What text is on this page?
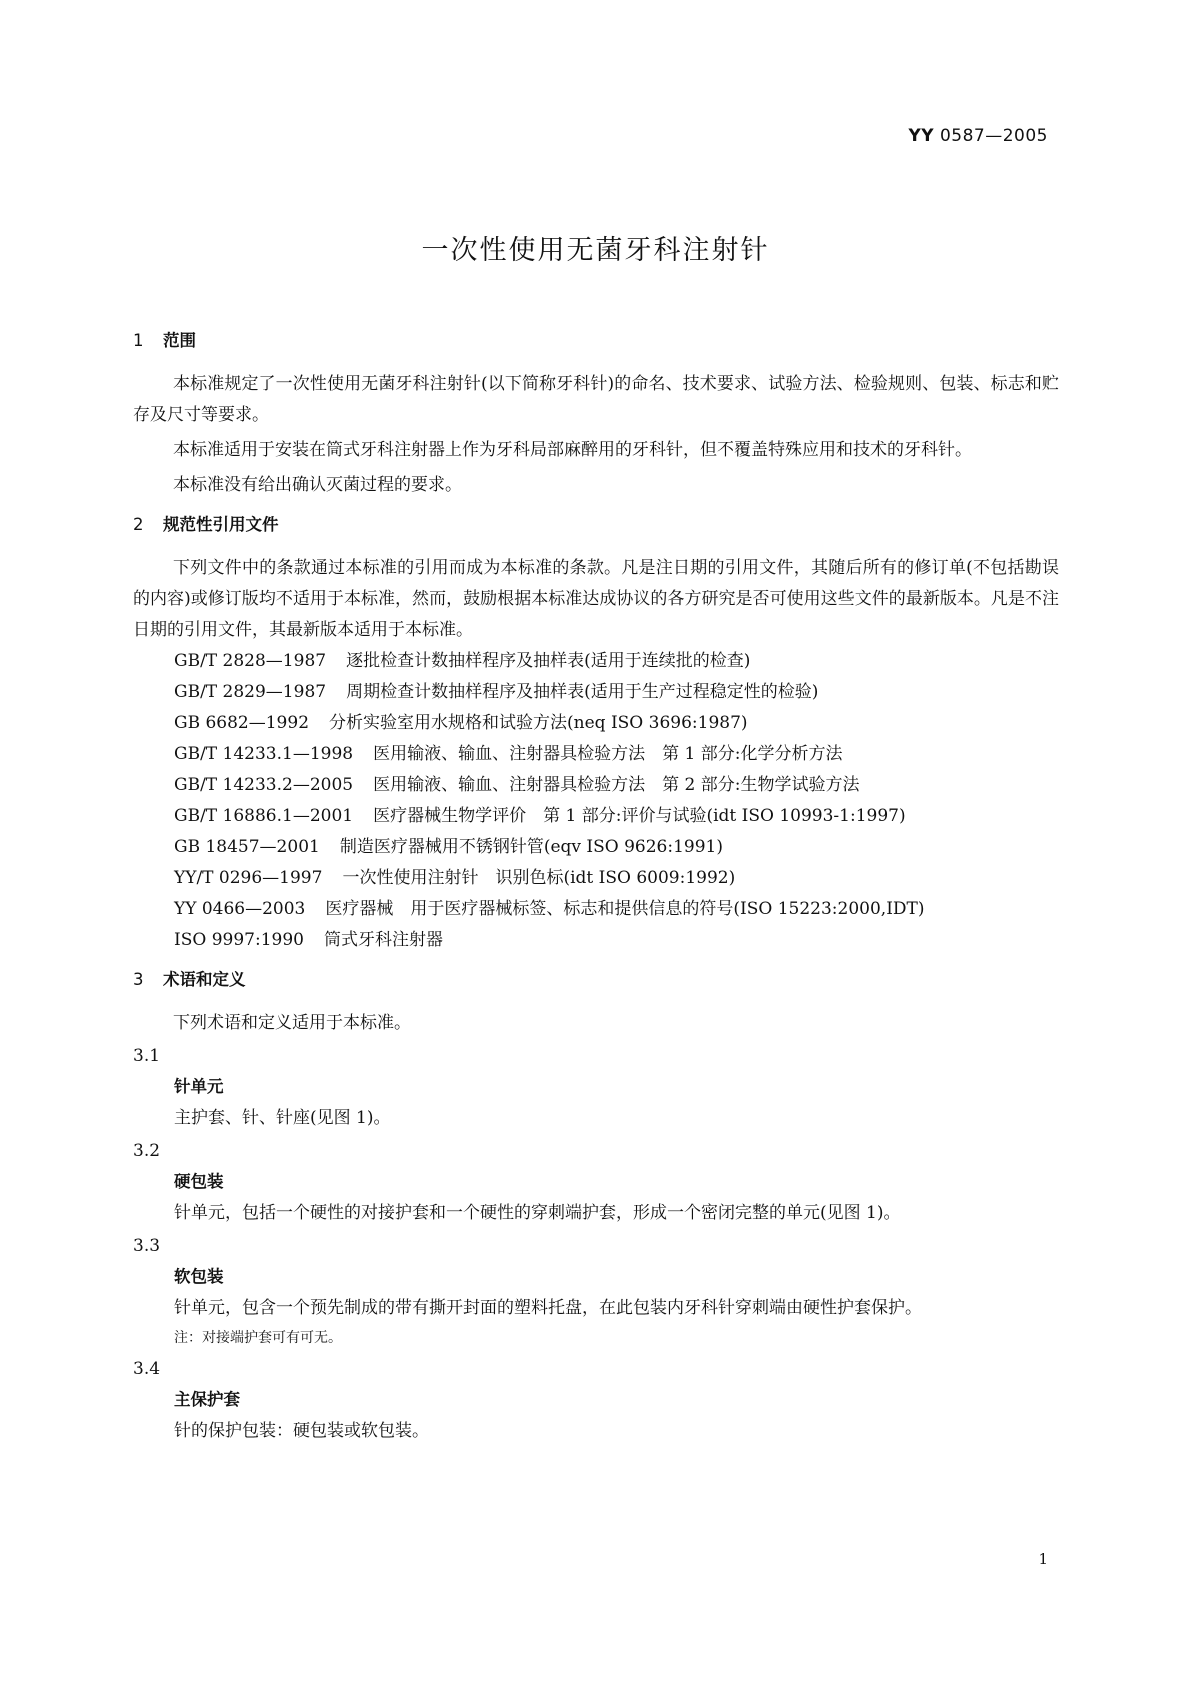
YY 0587—2005
一次性使用无菌牙科注射针
1 范围

本标准规定了一次性使用无菌牙科注射针(以下简称牙科针)的命名、技术要求、试验方法、检验规则、包装、标志和贮存及尺寸等要求。

本标准适用于安装在筒式牙科注射器上作为牙科局部麻醉用的牙科针，但不覆盖特殊应用和技术的牙科针。

本标准没有给出确认灭菌过程的要求。

2 规范性引用文件

下列文件中的条款通过本标准的引用而成为本标准的条款。凡是注日期的引用文件，其随后所有的修订单(不包括勘误的内容)或修订版均不适用于本标准，然而，鼓励根据本标准达成协议的各方研究是否可使用这些文件的最新版本。凡是不注日期的引用文件，其最新版本适用于本标准。

GB/T 2828—1987 逐批检查计数抽样程序及抽样表(适用于连续批的检查)
GB/T 2829—1987 周期检查计数抽样程序及抽样表(适用于生产过程稳定性的检验)
GB 6682—1992 分析实验室用水规格和试验方法(neq ISO 3696:1987)
GB/T 14233.1—1998 医用输液、输血、注射器具检验方法　第 1 部分:化学分析方法
GB/T 14233.2—2005 医用输液、输血、注射器具检验方法　第 2 部分:生物学试验方法
GB/T 16886.1—2001 医疗器械生物学评价　第 1 部分:评价与试验(idt ISO 10993-1:1997)
GB 18457—2001 制造医疗器械用不锈钢针管(eqv ISO 9626:1991)
YY/T 0296—1997 一次性使用注射针　识别色标(idt ISO 6009:1992)
YY 0466—2003 医疗器械　用于医疗器械标签、标志和提供信息的符号(ISO 15223:2000,IDT)
ISO 9997:1990 筒式牙科注射器
3 术语和定义

下列术语和定义适用于本标准。

3.1
针单元

主护套、针、针座(见图 1)。

3.2
硬包装

针单元，包括一个硬性的对接护套和一个硬性的穿刺端护套，形成一个密闭完整的单元(见图 1)。

3.3
软包装

针单元，包含一个预先制成的带有撕开封面的塑料托盘，在此包装内牙科针穿刺端由硬性护套保护。

注：对接端护套可有可无。
3.4
主保护套

针的保护包装：硬包装或软包装。

1
